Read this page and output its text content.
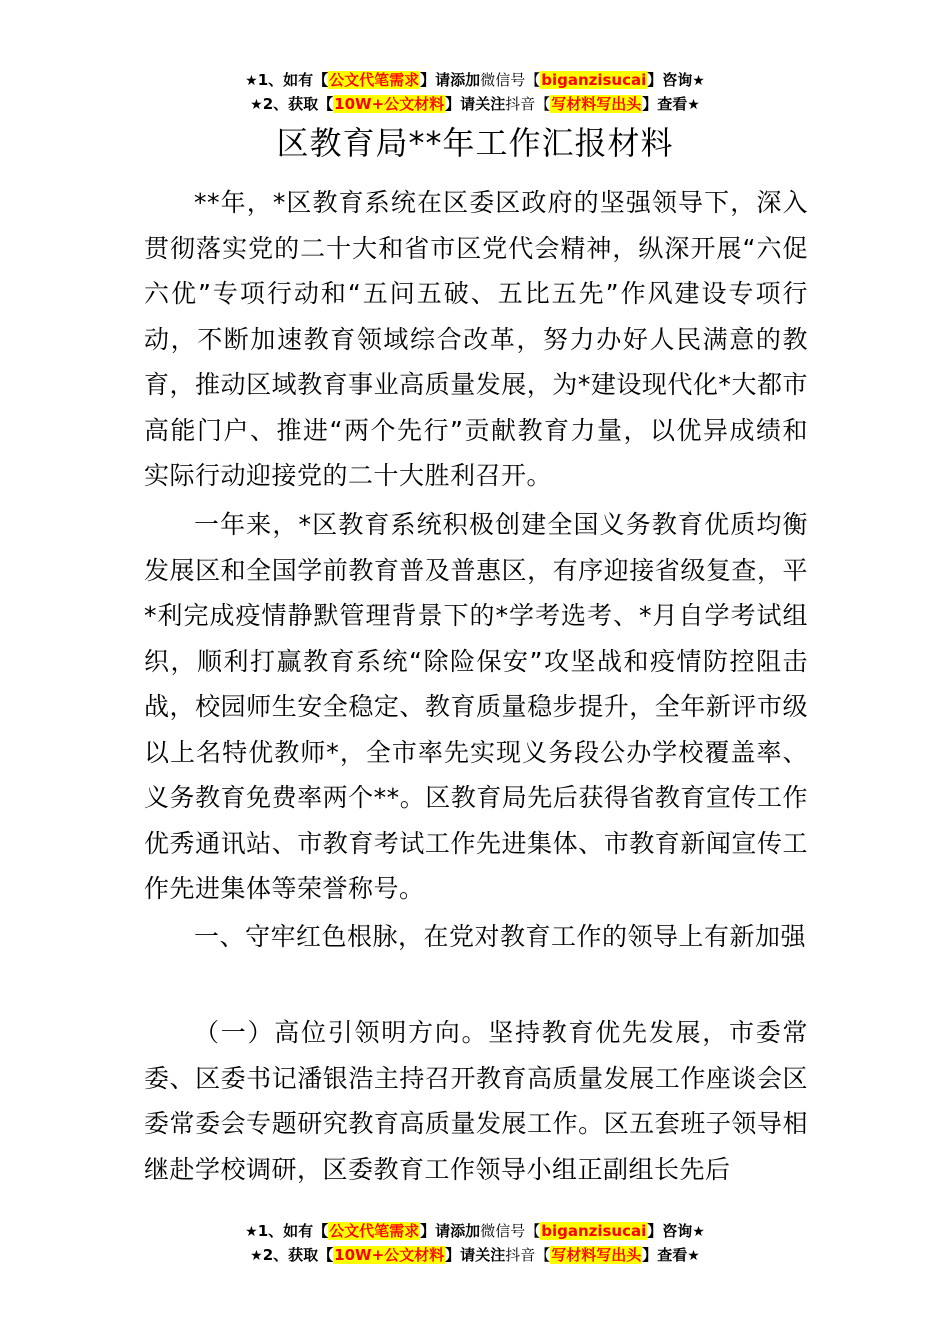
★1、如有【公文代笔需求】请添加微信号【biganzisucai】咨询★
★2、获取【10W+公文材料】请关注抖音【写材料写出头】查看★
区教育局**年工作汇报材料

**年，*区教育系统在区委区政府的坚强领导下，深入贯彻落实党的二十大和省市区党代会精神，纵深开展“六促六优”专项行动和“五问五破、五比五先”作风建设专项行动，不断加速教育领域综合改革，努力办好人民满意的教育，推动区域教育事业高质量发展，为*建设现代化*大都市高能门户、推进“两个先行”贡献教育力量，以优异成绩和实际行动迎接党的二十大胜利召开。

一年来，*区教育系统积极创建全国义务教育优质均衡发展区和全国学前教育普及普惠区，有序迎接省级复查，平*利完成疫情静默管理背景下的*学考选考、*月自学考试组织，顺利打赢教育系统“除险保安”攻坚战和疫情防控阻击战，校园师生安全稳定、教育质量稳步提升，全年新评市级以上名特优教师*，全市率先实现义务段公办学校覆盖率、义务教育免费率两个**。区教育局先后获得省教育宣传工作优秀通讯站、市教育考试工作先进集体、市教育新闻宣传工作先进集体等荣誉称号。

一、守牢红色根脉，在党对教育工作的领导上有新加强

（一）高位引领明方向。坚持教育优先发展，市委常委、区委书记潘银浩主持召开教育高质量发展工作座谈会区委常委会专题研究教育高质量发展工作。区五套班子领导相继赴学校调研，区委教育工作领导小组正副组长先后

★1、如有【公文代笔需求】请添加微信号【biganzisucai】咨询★
★2、获取【10W+公文材料】请关注抖音【写材料写出头】查看★
